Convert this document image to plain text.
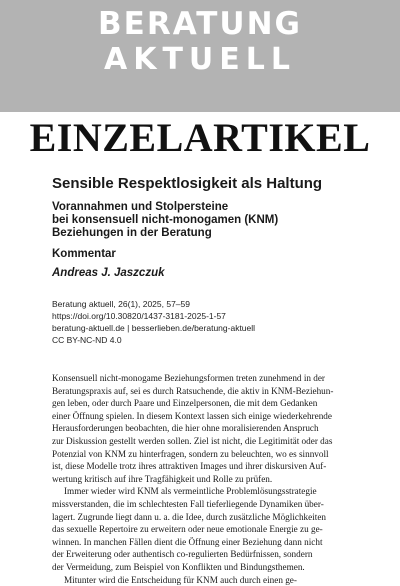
BERATUNG
AKTUELL
EINZELARTIKEL
Sensible Respektlosigkeit als Haltung
Vorannahmen und Stolpersteine
bei konsensuell nicht-monogamen (KNM)
Beziehungen in der Beratung
Kommentar
Andreas J. Jaszczuk
Beratung aktuell, 26(1), 2025, 57–59
https://doi.org/10.30820/1437-3181-2025-1-57
beratung-aktuell.de | besserlieben.de/beratung-aktuell
CC BY-NC-ND 4.0
Konsensuell nicht-monogame Beziehungsformen treten zunehmend in der
Beratungspraxis auf, sei es durch Ratsuchende, die aktiv in KNM-Beziehun-
gen leben, oder durch Paare und Einzelpersonen, die mit dem Gedanken
einer Öffnung spielen. In diesem Kontext lassen sich einige wiederkehrende
Herausforderungen beobachten, die hier ohne moralisierenden Anspruch
zur Diskussion gestellt werden sollen. Ziel ist nicht, die Legitimität oder das
Potenzial von KNM zu hinterfragen, sondern zu beleuchten, wo es sinnvoll
ist, diese Modelle trotz ihres attraktiven Images und ihrer diskursiven Auf-
wertung kritisch auf ihre Tragfähigkeit und Rolle zu prüfen.
Immer wieder wird KNM als vermeintliche Problemlösungsstrategie
missverstanden, die im schlechtesten Fall tieferliegende Dynamiken über-
lagert. Zugrunde liegt dann u. a. die Idee, durch zusätzliche Möglichkeiten
das sexuelle Repertoire zu erweitern oder neue emotionale Energie zu ge-
winnen. In manchen Fällen dient die Öffnung einer Beziehung dann nicht
der Erweiterung oder authentisch co-regulierten Bedürfnissen, sondern
der Vermeidung, zum Beispiel von Konflikten und Bindungsthemen.
Mitunter wird die Entscheidung für KNM auch durch einen ge-
